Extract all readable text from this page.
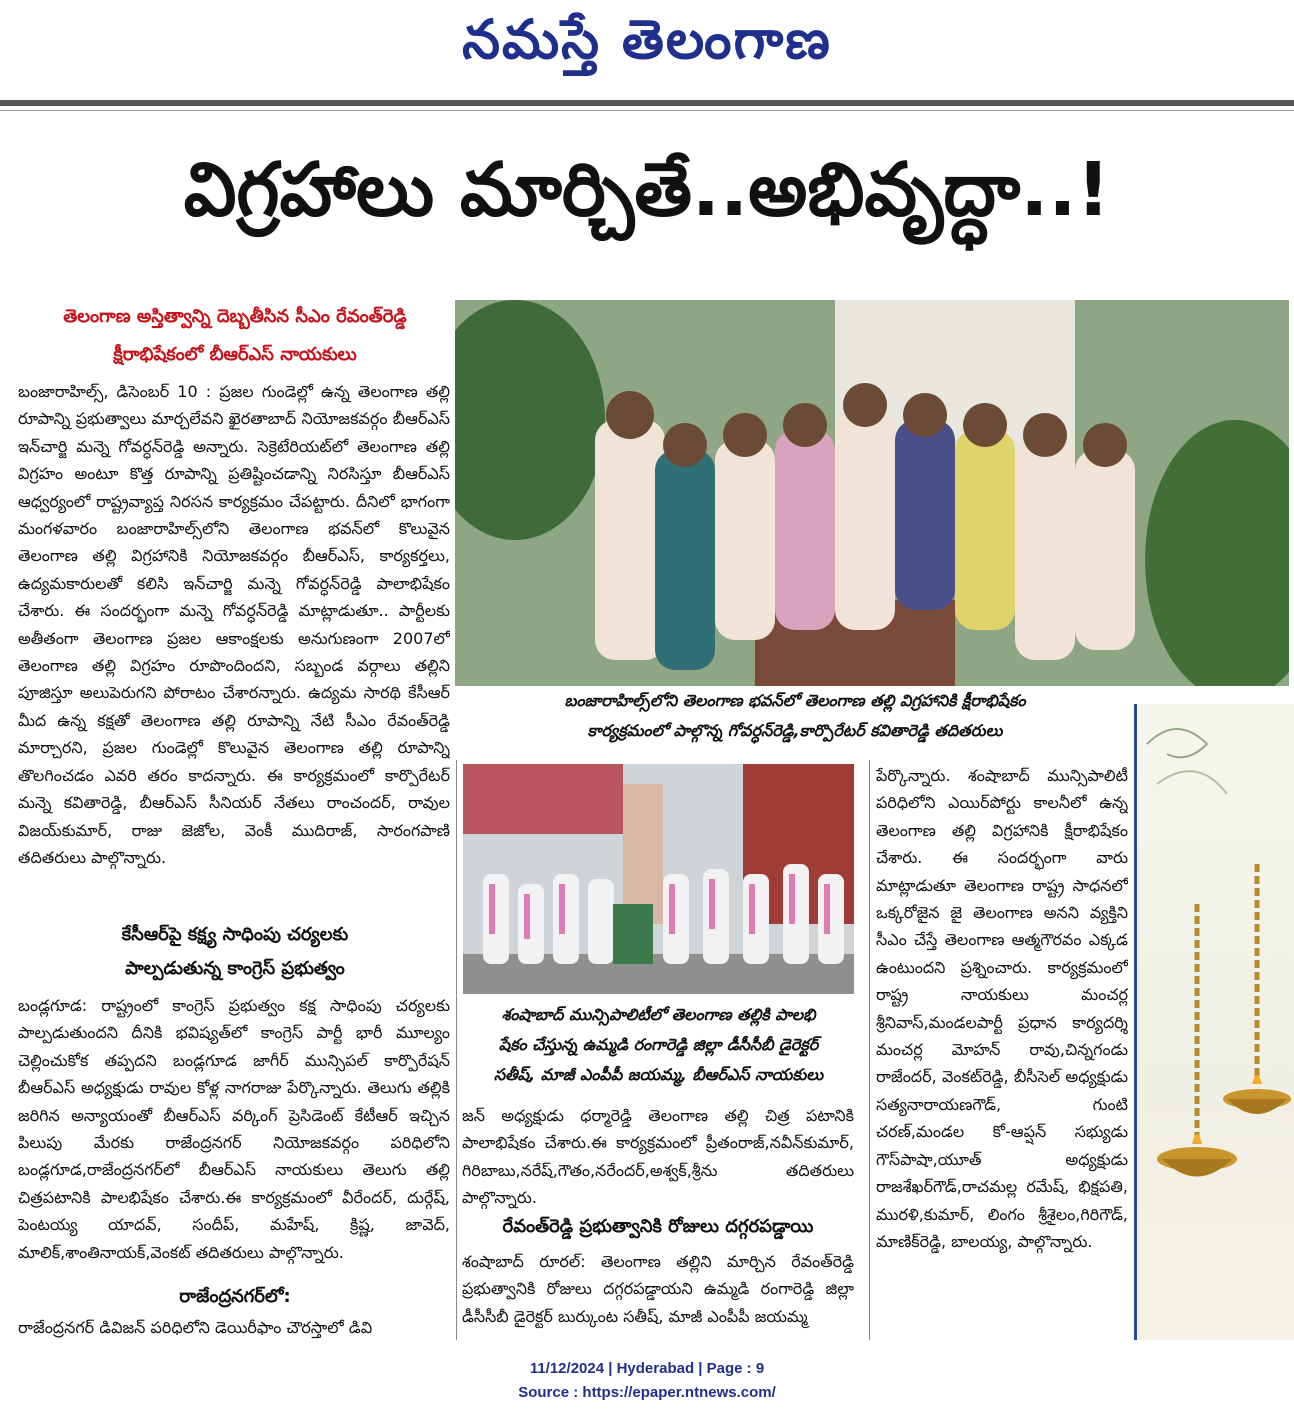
నమస్తే తెలంగాణ
విగ్రహాలు మార్చితే..అభివృద్ధా..!
తెలంగాణ అస్తిత్వాన్ని దెబ్బతీసిన సీఎం రేవంత్‌రెడ్డి
క్షీరాభిషేకంలో బీఆర్‌ఎస్‌ నాయకులు
బంజారాహిల్స్‌, డిసెంబర్‌ 10 : ప్రజల గుండెల్లో ఉన్న తెలంగాణ తల్లి రూపాన్ని ప్రభుత్వాలు మార్చలేవని ఖైరతాబాద్‌ నియోజకవర్గం బీఆర్‌ఎస్‌ ఇన్‌చార్జి మన్నె గోవర్ధన్‌రెడ్డి అన్నారు. సెక్రెటేరియట్‌లో తెలంగాణ తల్లి విగ్రహం అంటూ కొత్త రూపాన్ని ప్రతిష్టించడాన్ని నిరసిస్తూ బీఆర్‌ఎస్‌ ఆధ్వర్యంలో రాష్ట్రవ్యాప్త నిరసన కార్యక్రమం చేపట్టారు. దీనిలో భాగంగా మంగళవారం బంజారాహిల్స్‌లోని తెలంగాణ భవన్‌లో కొలువైన తెలంగాణ తల్లి విగ్రహానికి నియోజకవర్గం బీఆర్‌ఎస్‌, కార్యకర్తలు, ఉద్యమకారులతో కలిసి ఇన్‌చార్జి మన్నె గోవర్ధన్‌రెడ్డి పాలాభిషేకం చేశారు. ఈ సందర్భంగా మన్నె గోవర్ధన్‌రెడ్డి మాట్లాడుతూ.. పార్టీలకు అతీతంగా తెలంగాణ ప్రజల ఆకాంక్షలకు అనుగుణంగా 2007లో తెలంగాణ తల్లి విగ్రహం రూపొందిందని, సబ్బండ వర్గాలు తల్లిని పూజిస్తూ అలుపెరుగని పోరాటం చేశారన్నారు. ఉద్యమ సారథి కేసీఆర్‌ మీద ఉన్న కక్షతో తెలంగాణ తల్లి రూపాన్ని నేటి సీఎం రేవంత్‌రెడ్డి మార్చారని, ప్రజల గుండెల్లో కొలువైన తెలంగాణ తల్లి రూపాన్ని తొలగించడం ఎవరి తరం కాదన్నారు. ఈ కార్యక్రమంలో కార్పొరేటర్‌ మన్నె కవితారెడ్డి, బీఆర్‌ఎస్‌ సీనియర్‌ నేతలు రాంచందర్‌, రావుల విజయ్‌కుమార్‌, రాజు జెజోల, వెంకీ ముదిరాజ్‌, సారంగపాణి తదితరులు పాల్గొన్నారు.
కేసీఆర్‌పై కక్ష్య సాధింపు చర్యలకు
పాల్పడుతున్న కాంగ్రెస్‌ ప్రభుత్వం
బండ్లగూడ: రాష్ట్రంలో కాంగ్రెస్‌ ప్రభుత్వం కక్ష సాధింపు చర్యలకు పాల్పడుతుందని దీనికి భవిష్యత్‌లో కాంగ్రెస్‌ పార్టీ భారీ మూల్యం చెల్లించుకోక తప్పదని బండ్లగూడ జాగీర్‌ మున్సిపల్‌ కార్పొరేషన్‌ బీఆర్‌ఎస్‌ అధ్యక్షుడు రావుల కోళ్ల నాగరాజు పేర్కొన్నారు. తెలుగు తల్లికి జరిగిన అన్యాయంతో బీఆర్‌ఎస్‌ వర్కింగ్‌ ప్రెసిడెంట్‌ కేటీఆర్‌ ఇచ్చిన పిలుపు మేరకు రాజేంద్రనగర్‌ నియోజకవర్గం పరిధిలోని బండ్లగూడ,రాజేంద్రనగర్‌లో బీఆర్‌ఎస్‌ నాయకులు తెలుగు తల్లి చిత్రపటానికి పాలభిషేకం చేశారు.ఈ కార్యక్రమంలో వీరేందర్‌, దుర్గేష్‌, పెంటయ్య యాదవ్‌, సందీప్‌, మహేష్‌, క్రిష్ణ, జావెద్‌, మాలిక్‌,శాంతినాయక్‌,వెంకట్‌ తదితరులు పాల్గొన్నారు.
రాజేంద్రనగర్‌లో:
రాజేంద్రనగర్‌ డివిజన్‌ పరిధిలోని డెయిరీఫాం చౌరస్తాలో డివి
బంజారాహిల్స్‌లోని తెలంగాణ భవన్‌లో తెలంగాణ తల్లి విగ్రహానికి క్షీరాభిషేకం
కార్యక్రమంలో పాల్గొన్న గోవర్ధన్‌రెడ్డి,కార్పొరేటర్‌ కవితారెడ్డి తదితరులు
శంషాబాద్‌ మున్సిపాలిటీలో తెలంగాణ తల్లికి పాలభి
షేకం చేస్తున్న ఉమ్మడి రంగారెడ్డి జిల్లా డీసీసీబీ డైరెక్టర్‌
సతీష్‌, మాజీ ఎంపీపీ జయమ్మ, బీఆర్‌ఎస్‌ నాయకులు
జన్‌ అధ్యక్షుడు ధర్మారెడ్డి తెలంగాణ తల్లి చిత్ర పటానికి పాలాభిషేకం చేశారు.ఈ కార్యక్రమంలో ప్రీతంరాజ్‌,నవీన్‌కుమార్‌, గిరిబాబు,నరేష్‌,గౌతం,నరేందర్‌,అశ్వక్‌,శ్రీను తదితరులు పాల్గొన్నారు.
రేవంత్‌రెడ్డి ప్రభుత్వానికి రోజులు దగ్గరపడ్డాయి
శంషాబాద్‌ రూరల్‌: తెలంగాణ తల్లిని మార్చిన రేవంత్‌రెడ్డి ప్రభుత్వానికి రోజులు దగ్గరపడ్డాయని ఉమ్మడి రంగారెడ్డి జిల్లా డీసీసీబీ డైరెక్టర్‌ బుర్కుంట సతీష్‌, మాజీ ఎంపీపీ జయమ్మ
పేర్కొన్నారు. శంషాబాద్‌ మున్సిపాలిటీ పరిధిలోని ఎయిర్‌పోర్టు కాలనీలో ఉన్న తెలంగాణ తల్లి విగ్రహానికి క్షీరాభిషేకం చేశారు. ఈ సందర్భంగా వారు మాట్లాడుతూ తెలంగాణ రాష్ట్ర సాధనలో ఒక్కరోజైన జై తెలంగాణ అనని వ్యక్తిని సీఎం చేస్తే తెలంగాణ ఆత్మగౌరవం ఎక్కడ ఉంటుందని ప్రశ్నించారు. కార్యక్రమంలో రాష్ట్ర నాయకులు మంచర్ల శ్రీనివాస్‌,మండలపార్టీ ప్రధాన కార్యదర్శి మంచర్ల మోహన్‌ రావు,చిన్నగండు రాజేందర్‌, వెంకట్‌రెడ్డి, బీసీసెల్‌ అధ్యక్షుడు సత్యనారాయణగౌడ్‌, గుంటి చరణ్‌,మండల కో-ఆప్షన్‌ సభ్యుడు గౌస్‌పాషా,యూత్‌ అధ్యక్షుడు రాజశేఖర్‌గౌడ్‌,రాచమల్ల రమేష్‌, భిక్షపతి, మురళి,కుమార్‌, లింగం శ్రీశైలం,గిరిగౌడ్‌, మాణిక్‌రెడ్డి, బాలయ్య, పాల్గొన్నారు.
11/12/2024 | Hyderabad | Page : 9
Source : https://epaper.ntnews.com/
